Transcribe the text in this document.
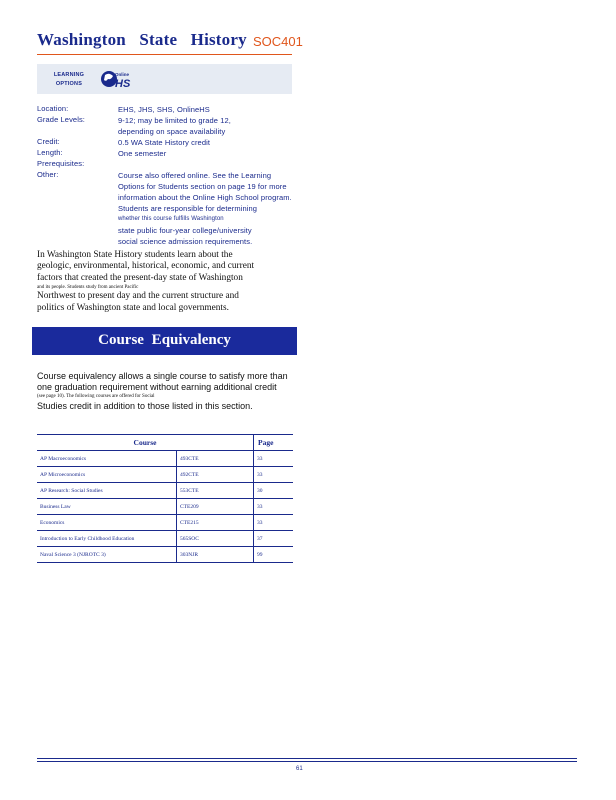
Washington State History SOC401
LEARNING
OPTIONS
Online
HS
Location:	EHS, JHS, SHS, OnlineHS
Grade Levels:	9-12; may be limited to grade 12,
depending on space availability
Credit:	0.5 WA State History credit
Length:	One semester
Prerequisites:
Other:	Course also offered online. See the Learning
Options for Students section on page 19 for more
information about the Online High School program.
Students are responsible for determining
whether this course fulfills Washington
state public four-year college/university
social science admission requirements.

In Washington State History students learn about the

geologic, environmental, historical, economic, and current

factors that created the present-day state of Washington

and its people. Students study from ancient Pacific

Northwest to present day and the current structure and

politics of Washington state and local governments.

Course Equivalency

Course equivalency allows a single course to satisfy more than

one graduation requirement without earning additional credit

(see page 10). The following courses are offered for Social

Studies credit in addition to those listed in this section.

Course		Page
AP Macroeconomics	493CTE	33
AP Microeconomics	492CTE	33
AP Research: Social Studies	553CTE	30
Business Law	CTE209	33
Economics	CTE215	33
Introduction to Early Childhood Education	565SOC	37
Naval Science 3 (NJROTC 3)	303NJR	99
61
